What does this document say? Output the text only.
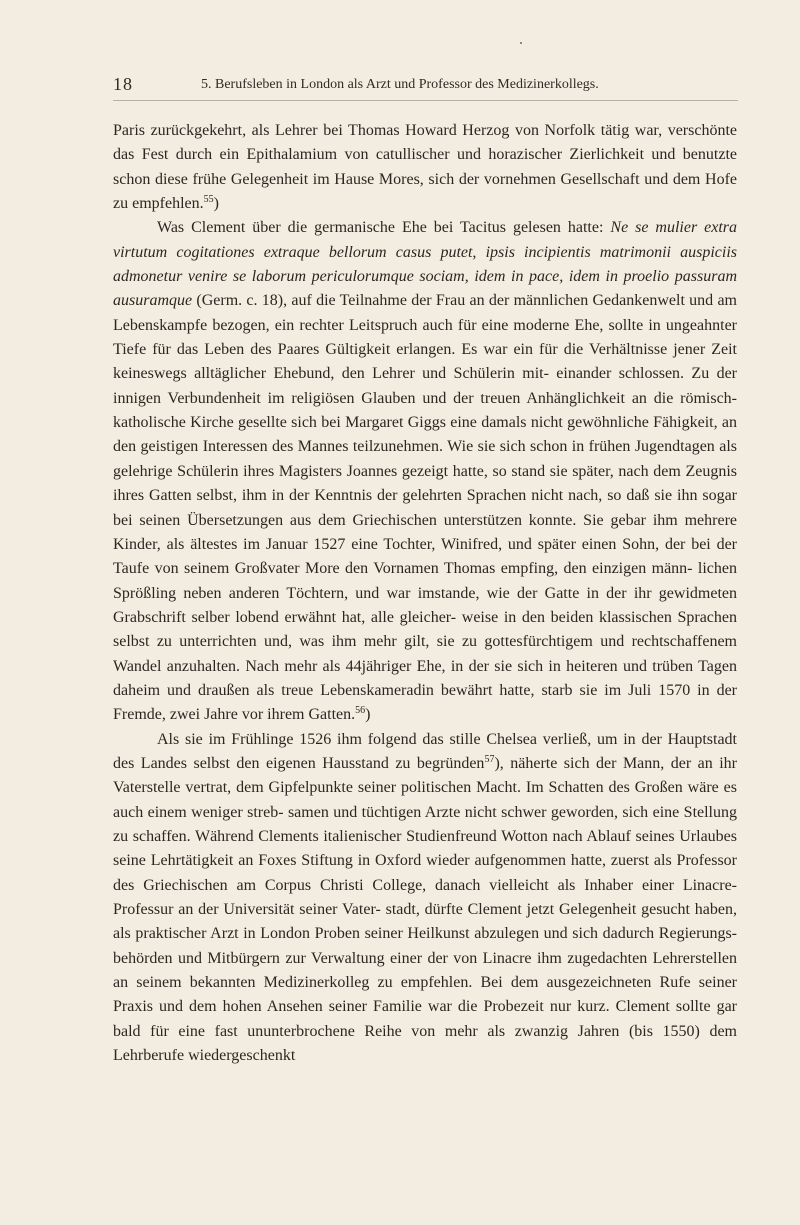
18	5. Berufsleben in London als Arzt und Professor des Medizinerkollegs.

Paris zurückgekehrt, als Lehrer bei Thomas Howard Herzog von Norfolk tätig war, verschönte das Fest durch ein Epithalamium von catullischer und horazischer Zierlichkeit und benutzte schon diese frühe Gelegenheit im Hause Mores, sich der vornehmen Gesellschaft und dem Hofe zu empfehlen.$^{55}$)

Was Clement über die germanische Ehe bei Tacitus gelesen hatte: Ne se mulier extra virtutum cogitationes extraque bellorum casus putet, ipsis incipientis matrimonii auspiciis admonetur venire se laborum periculorumque sociam, idem in pace, idem in proelio passuram ausuramque (Germ. c. 18), auf die Teilnahme der Frau an der männlichen Gedankenwelt und am Lebenskampfe bezogen, ein rechter Leitspruch auch für eine moderne Ehe, sollte in ungeahnter Tiefe für das Leben des Paares Gültigkeit erlangen. Es war ein für die Verhältnisse jener Zeit keineswegs alltäglicher Ehebund, den Lehrer und Schülerin mit- einander schlossen. Zu der innigen Verbundenheit im religiösen Glauben und der treuen Anhänglichkeit an die römisch-katholische Kirche gesellte sich bei Margaret Giggs eine damals nicht gewöhnliche Fähigkeit, an den geistigen Interessen des Mannes teilzunehmen. Wie sie sich schon in frühen Jugendtagen als gelehrige Schülerin ihres Magisters Joannes gezeigt hatte, so stand sie später, nach dem Zeugnis ihres Gatten selbst, ihm in der Kenntnis der gelehrten Sprachen nicht nach, so daß sie ihn sogar bei seinen Übersetzungen aus dem Griechischen unterstützen konnte. Sie gebar ihm mehrere Kinder, als ältestes im Januar 1527 eine Tochter, Winifred, und später einen Sohn, der bei der Taufe von seinem Großvater More den Vornamen Thomas empfing, den einzigen männ- lichen Sprößling neben anderen Töchtern, und war imstande, wie der Gatte in der ihr gewidmeten Grabschrift selber lobend erwähnt hat, alle gleicher- weise in den beiden klassischen Sprachen selbst zu unterrichten und, was ihm mehr gilt, sie zu gottesfürchtigem und rechtschaffenem Wandel anzuhalten. Nach mehr als 44jähriger Ehe, in der sie sich in heiteren und trüben Tagen daheim und draußen als treue Lebenskameradin bewährt hatte, starb sie im Juli 1570 in der Fremde, zwei Jahre vor ihrem Gatten.$^{56}$)

Als sie im Frühlinge 1526 ihm folgend das stille Chelsea verließ, um in der Hauptstadt des Landes selbst den eigenen Hausstand zu begründen$^{57}$), näherte sich der Mann, der an ihr Vaterstelle vertrat, dem Gipfelpunkte seiner politischen Macht. Im Schatten des Großen wäre es auch einem weniger streb- samen und tüchtigen Arzte nicht schwer geworden, sich eine Stellung zu schaffen. Während Clements italienischer Studienfreund Wotton nach Ablauf seines Urlaubes seine Lehrtätigkeit an Foxes Stiftung in Oxford wieder aufgenommen hatte, zuerst als Professor des Griechischen am Corpus Christi College, danach vielleicht als Inhaber einer Linacre-Professur an der Universität seiner Vater- stadt, dürfte Clement jetzt Gelegenheit gesucht haben, als praktischer Arzt in London Proben seiner Heilkunst abzulegen und sich dadurch Regierungs- behörden und Mitbürgern zur Verwaltung einer der von Linacre ihm zugedachten Lehrerstellen an seinem bekannten Medizinerkolleg zu empfehlen. Bei dem ausgezeichneten Rufe seiner Praxis und dem hohen Ansehen seiner Familie war die Probezeit nur kurz. Clement sollte gar bald für eine fast ununterbrochene Reihe von mehr als zwanzig Jahren (bis 1550) dem Lehrberufe wiedergeschenkt
